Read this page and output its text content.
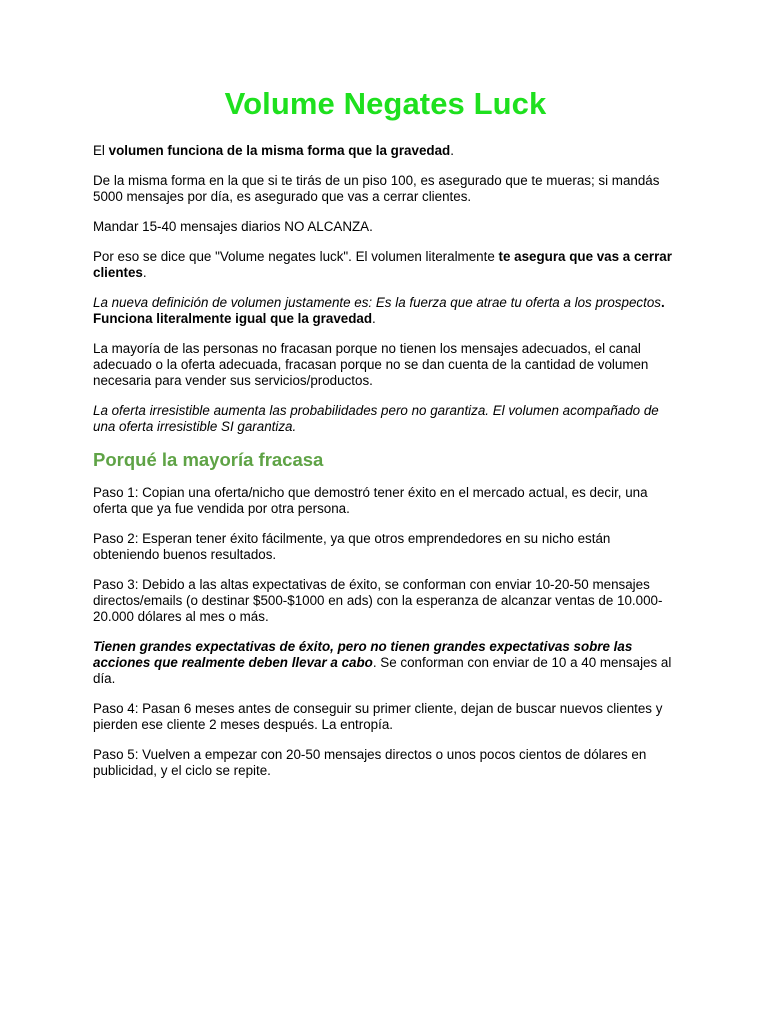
Volume Negates Luck

El volumen funciona de la misma forma que la gravedad.

De la misma forma en la que si te tirás de un piso 100, es asegurado que te mueras; si mandás 5000 mensajes por día, es asegurado que vas a cerrar clientes.

Mandar 15-40 mensajes diarios NO ALCANZA.

Por eso se dice que "Volume negates luck". El volumen literalmente te asegura que vas a cerrar clientes.

La nueva definición de volumen justamente es: Es la fuerza que atrae tu oferta a los prospectos. Funciona literalmente igual que la gravedad.

La mayoría de las personas no fracasan porque no tienen los mensajes adecuados, el canal adecuado o la oferta adecuada, fracasan porque no se dan cuenta de la cantidad de volumen necesaria para vender sus servicios/productos.

La oferta irresistible aumenta las probabilidades pero no garantiza. El volumen acompañado de una oferta irresistible SI garantiza.

Porqué la mayoría fracasa

Paso 1: Copian una oferta/nicho que demostró tener éxito en el mercado actual, es decir, una oferta que ya fue vendida por otra persona.

Paso 2: Esperan tener éxito fácilmente, ya que otros emprendedores en su nicho están obteniendo buenos resultados.

Paso 3: Debido a las altas expectativas de éxito, se conforman con enviar 10-20-50 mensajes directos/emails (o destinar $500-$1000 en ads) con la esperanza de alcanzar ventas de 10.000-20.000 dólares al mes o más.

Tienen grandes expectativas de éxito, pero no tienen grandes expectativas sobre las acciones que realmente deben llevar a cabo. Se conforman con enviar de 10 a 40 mensajes al día.

Paso 4: Pasan 6 meses antes de conseguir su primer cliente, dejan de buscar nuevos clientes y pierden ese cliente 2 meses después. La entropía.

Paso 5: Vuelven a empezar con 20-50 mensajes directos o unos pocos cientos de dólares en publicidad, y el ciclo se repite.
